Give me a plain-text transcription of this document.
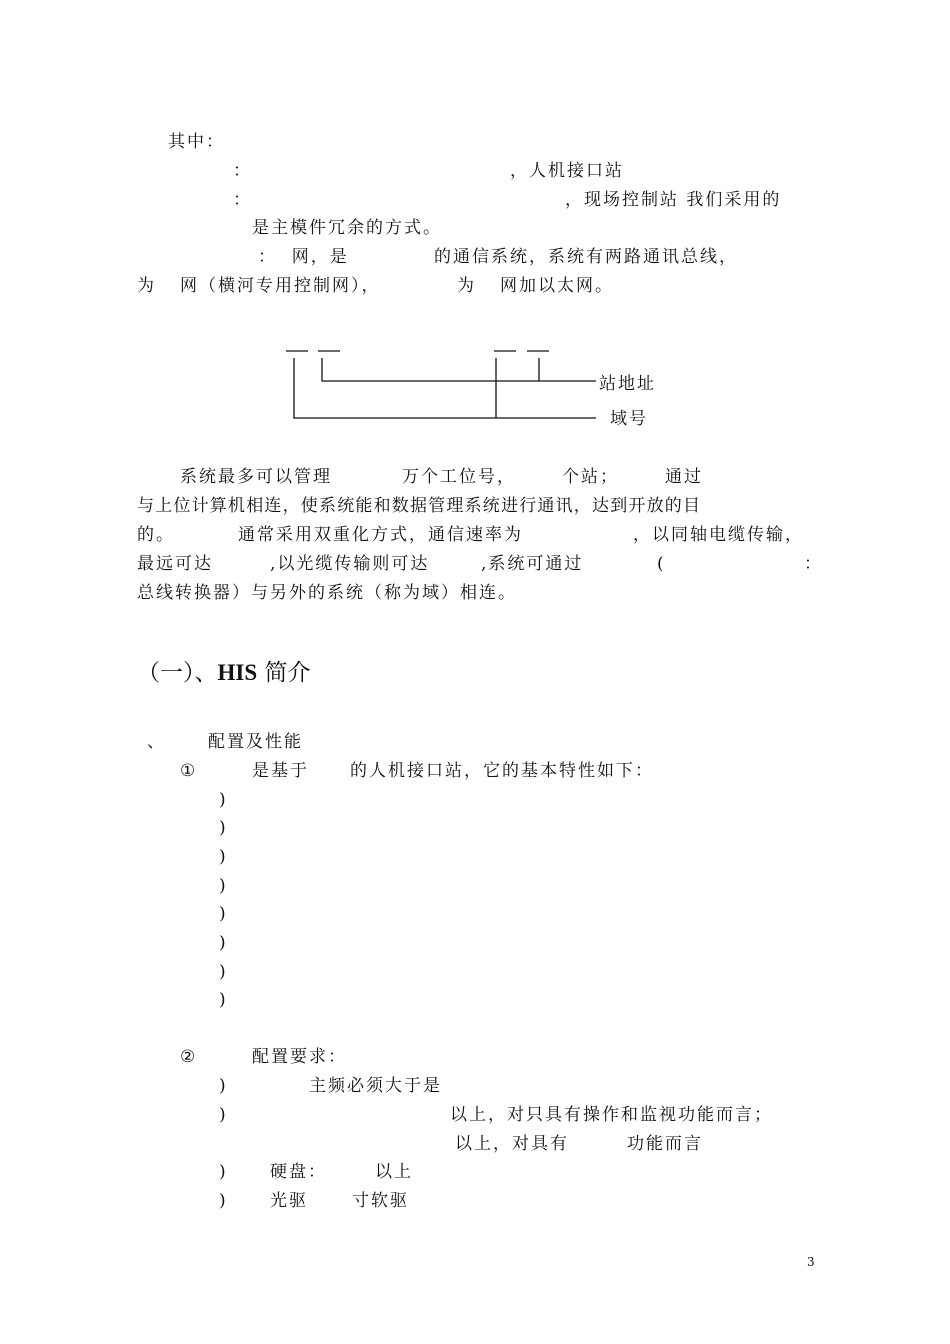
其中：
：	，人机接口站
：	，现场控制站 我们采用的
是主模件冗余的方式。
：  网，是	的通信系统，系统有两路通讯总线，
为 网（横河专用控制网），	为 网加以太网。
站地址
域号
系统最多可以管理	万个工位号，	个站；	通过
与上位计算机相连，使系统能和数据管理系统进行通讯，达到开放的目
的。	通常采用双重化方式，通信速率为	，以同轴电缆传输，
最远可达	,以光缆传输则可达	,系统可通过	(	：
总线转换器）与另外的系统（称为域）相连。
（一）、HIS 简介
、 配置及性能
①	是基于 的人机接口站，它的基本特性如下：
)
)
)
)
)
)
)
)
②	配置要求：
)	主频必须大于是
)	以上，对只具有操作和监视功能而言；
以上，对具有	功能而言
) 硬盘：	以上
) 光驱	寸软驱
3
